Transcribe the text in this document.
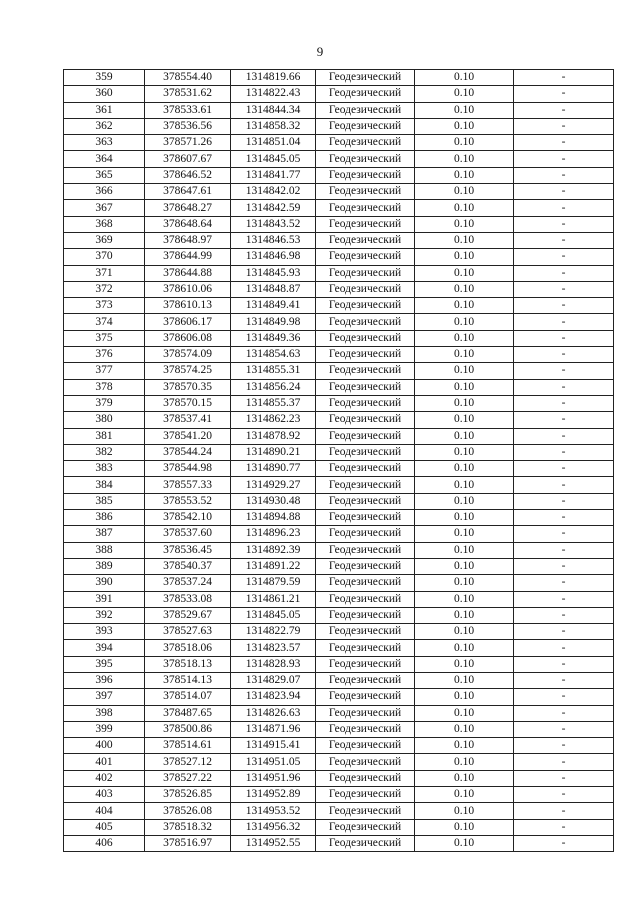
9
359	378554.40	1314819.66	Геодезический	0.10	-
360	378531.62	1314822.43	Геодезический	0.10	-
361	378533.61	1314844.34	Геодезический	0.10	-
362	378536.56	1314858.32	Геодезический	0.10	-
363	378571.26	1314851.04	Геодезический	0.10	-
364	378607.67	1314845.05	Геодезический	0.10	-
365	378646.52	1314841.77	Геодезический	0.10	-
366	378647.61	1314842.02	Геодезический	0.10	-
367	378648.27	1314842.59	Геодезический	0.10	-
368	378648.64	1314843.52	Геодезический	0.10	-
369	378648.97	1314846.53	Геодезический	0.10	-
370	378644.99	1314846.98	Геодезический	0.10	-
371	378644.88	1314845.93	Геодезический	0.10	-
372	378610.06	1314848.87	Геодезический	0.10	-
373	378610.13	1314849.41	Геодезический	0.10	-
374	378606.17	1314849.98	Геодезический	0.10	-
375	378606.08	1314849.36	Геодезический	0.10	-
376	378574.09	1314854.63	Геодезический	0.10	-
377	378574.25	1314855.31	Геодезический	0.10	-
378	378570.35	1314856.24	Геодезический	0.10	-
379	378570.15	1314855.37	Геодезический	0.10	-
380	378537.41	1314862.23	Геодезический	0.10	-
381	378541.20	1314878.92	Геодезический	0.10	-
382	378544.24	1314890.21	Геодезический	0.10	-
383	378544.98	1314890.77	Геодезический	0.10	-
384	378557.33	1314929.27	Геодезический	0.10	-
385	378553.52	1314930.48	Геодезический	0.10	-
386	378542.10	1314894.88	Геодезический	0.10	-
387	378537.60	1314896.23	Геодезический	0.10	-
388	378536.45	1314892.39	Геодезический	0.10	-
389	378540.37	1314891.22	Геодезический	0.10	-
390	378537.24	1314879.59	Геодезический	0.10	-
391	378533.08	1314861.21	Геодезический	0.10	-
392	378529.67	1314845.05	Геодезический	0.10	-
393	378527.63	1314822.79	Геодезический	0.10	-
394	378518.06	1314823.57	Геодезический	0.10	-
395	378518.13	1314828.93	Геодезический	0.10	-
396	378514.13	1314829.07	Геодезический	0.10	-
397	378514.07	1314823.94	Геодезический	0.10	-
398	378487.65	1314826.63	Геодезический	0.10	-
399	378500.86	1314871.96	Геодезический	0.10	-
400	378514.61	1314915.41	Геодезический	0.10	-
401	378527.12	1314951.05	Геодезический	0.10	-
402	378527.22	1314951.96	Геодезический	0.10	-
403	378526.85	1314952.89	Геодезический	0.10	-
404	378526.08	1314953.52	Геодезический	0.10	-
405	378518.32	1314956.32	Геодезический	0.10	-
406	378516.97	1314952.55	Геодезический	0.10	-
